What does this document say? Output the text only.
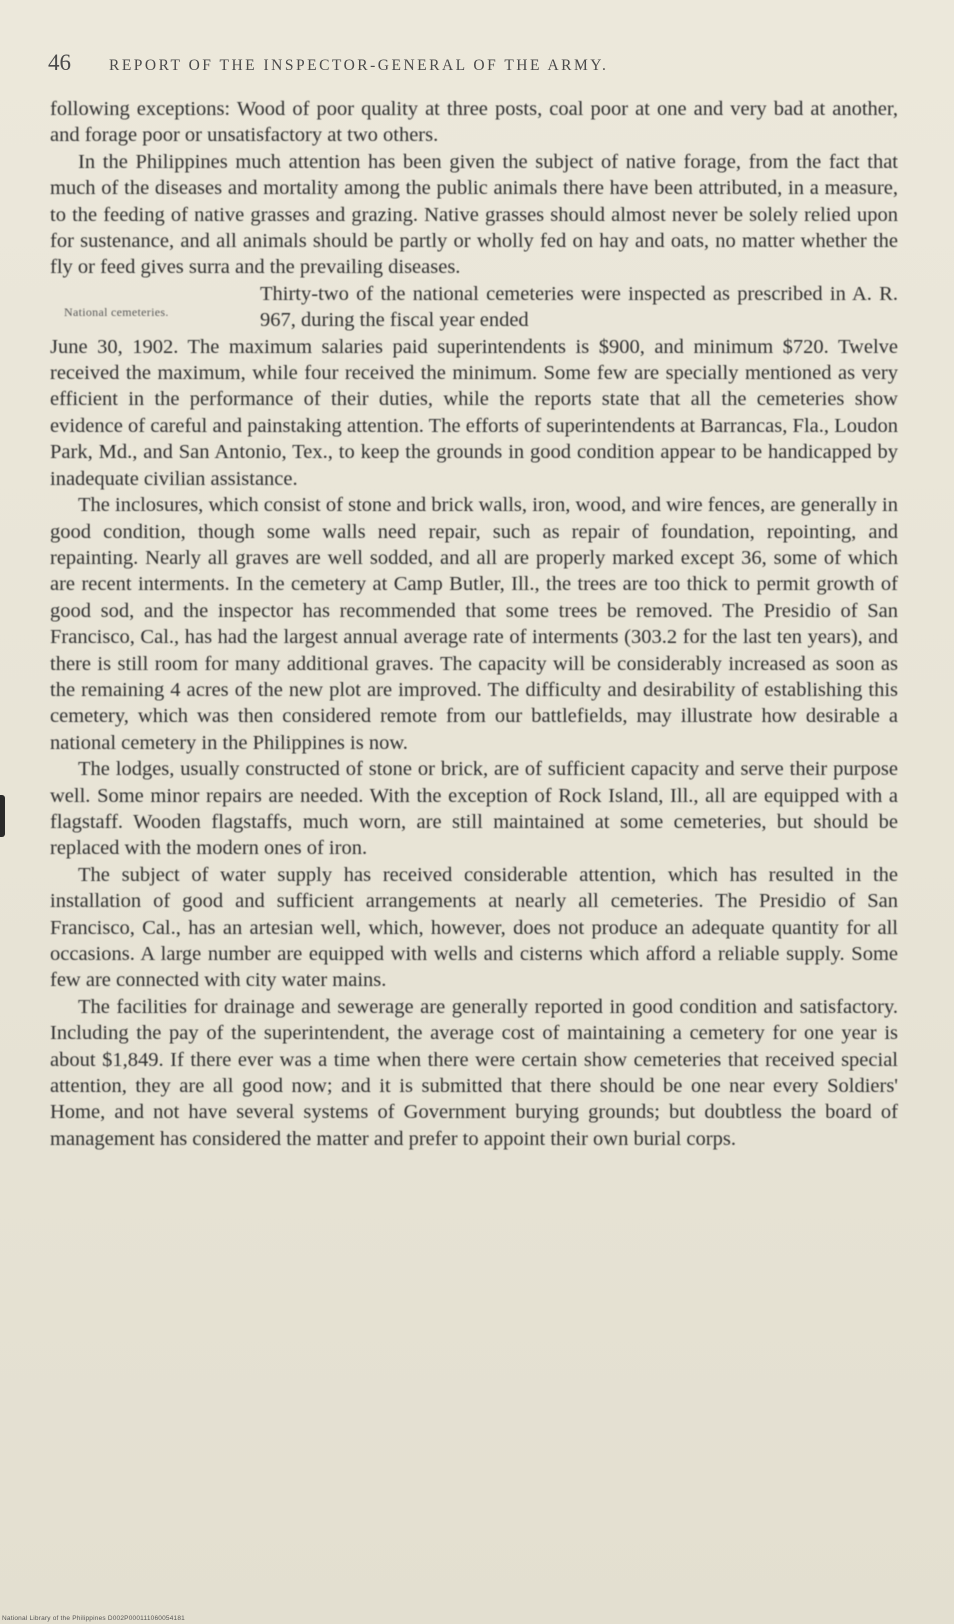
46 REPORT OF THE INSPECTOR-GENERAL OF THE ARMY.

following exceptions: Wood of poor quality at three posts, coal poor at one and very bad at another, and forage poor or unsatisfactory at two others.

In the Philippines much attention has been given the subject of native forage, from the fact that much of the diseases and mortality among the public animals there have been attributed, in a measure, to the feeding of native grasses and grazing. Native grasses should almost never be solely relied upon for sustenance, and all animals should be partly or wholly fed on hay and oats, no matter whether the fly or feed gives surra and the prevailing diseases.

National cemeteries.
Thirty-two of the national cemeteries were inspected as prescribed in A. R. 967, during the fiscal year ended
June 30, 1902. The maximum salaries paid superintendents is $900, and minimum $720. Twelve received the maximum, while four received the minimum. Some few are specially mentioned as very efficient in the performance of their duties, while the reports state that all the cemeteries show evidence of careful and painstaking attention. The efforts of superintendents at Barrancas, Fla., Loudon Park, Md., and San Antonio, Tex., to keep the grounds in good condition appear to be handicapped by inadequate civilian assistance.

The inclosures, which consist of stone and brick walls, iron, wood, and wire fences, are generally in good condition, though some walls need repair, such as repair of foundation, repointing, and repainting. Nearly all graves are well sodded, and all are properly marked except 36, some of which are recent interments. In the cemetery at Camp Butler, Ill., the trees are too thick to permit growth of good sod, and the inspector has recommended that some trees be removed. The Presidio of San Francisco, Cal., has had the largest annual average rate of interments (303.2 for the last ten years), and there is still room for many additional graves. The capacity will be considerably increased as soon as the remaining 4 acres of the new plot are improved. The difficulty and desirability of establishing this cemetery, which was then considered remote from our battlefields, may illustrate how desirable a national cemetery in the Philippines is now.

The lodges, usually constructed of stone or brick, are of sufficient capacity and serve their purpose well. Some minor repairs are needed. With the exception of Rock Island, Ill., all are equipped with a flagstaff. Wooden flagstaffs, much worn, are still maintained at some cemeteries, but should be replaced with the modern ones of iron.

The subject of water supply has received considerable attention, which has resulted in the installation of good and sufficient arrangements at nearly all cemeteries. The Presidio of San Francisco, Cal., has an artesian well, which, however, does not produce an adequate quantity for all occasions. A large number are equipped with wells and cisterns which afford a reliable supply. Some few are connected with city water mains.

The facilities for drainage and sewerage are generally reported in good condition and satisfactory. Including the pay of the superintendent, the average cost of maintaining a cemetery for one year is about $1,849. If there ever was a time when there were certain show cemeteries that received special attention, they are all good now; and it is submitted that there should be one near every Soldiers' Home, and not have several systems of Government burying grounds; but doubtless the board of management has considered the matter and prefer to appoint their own burial corps.

National Library of the Philippines D002P000111060054181
